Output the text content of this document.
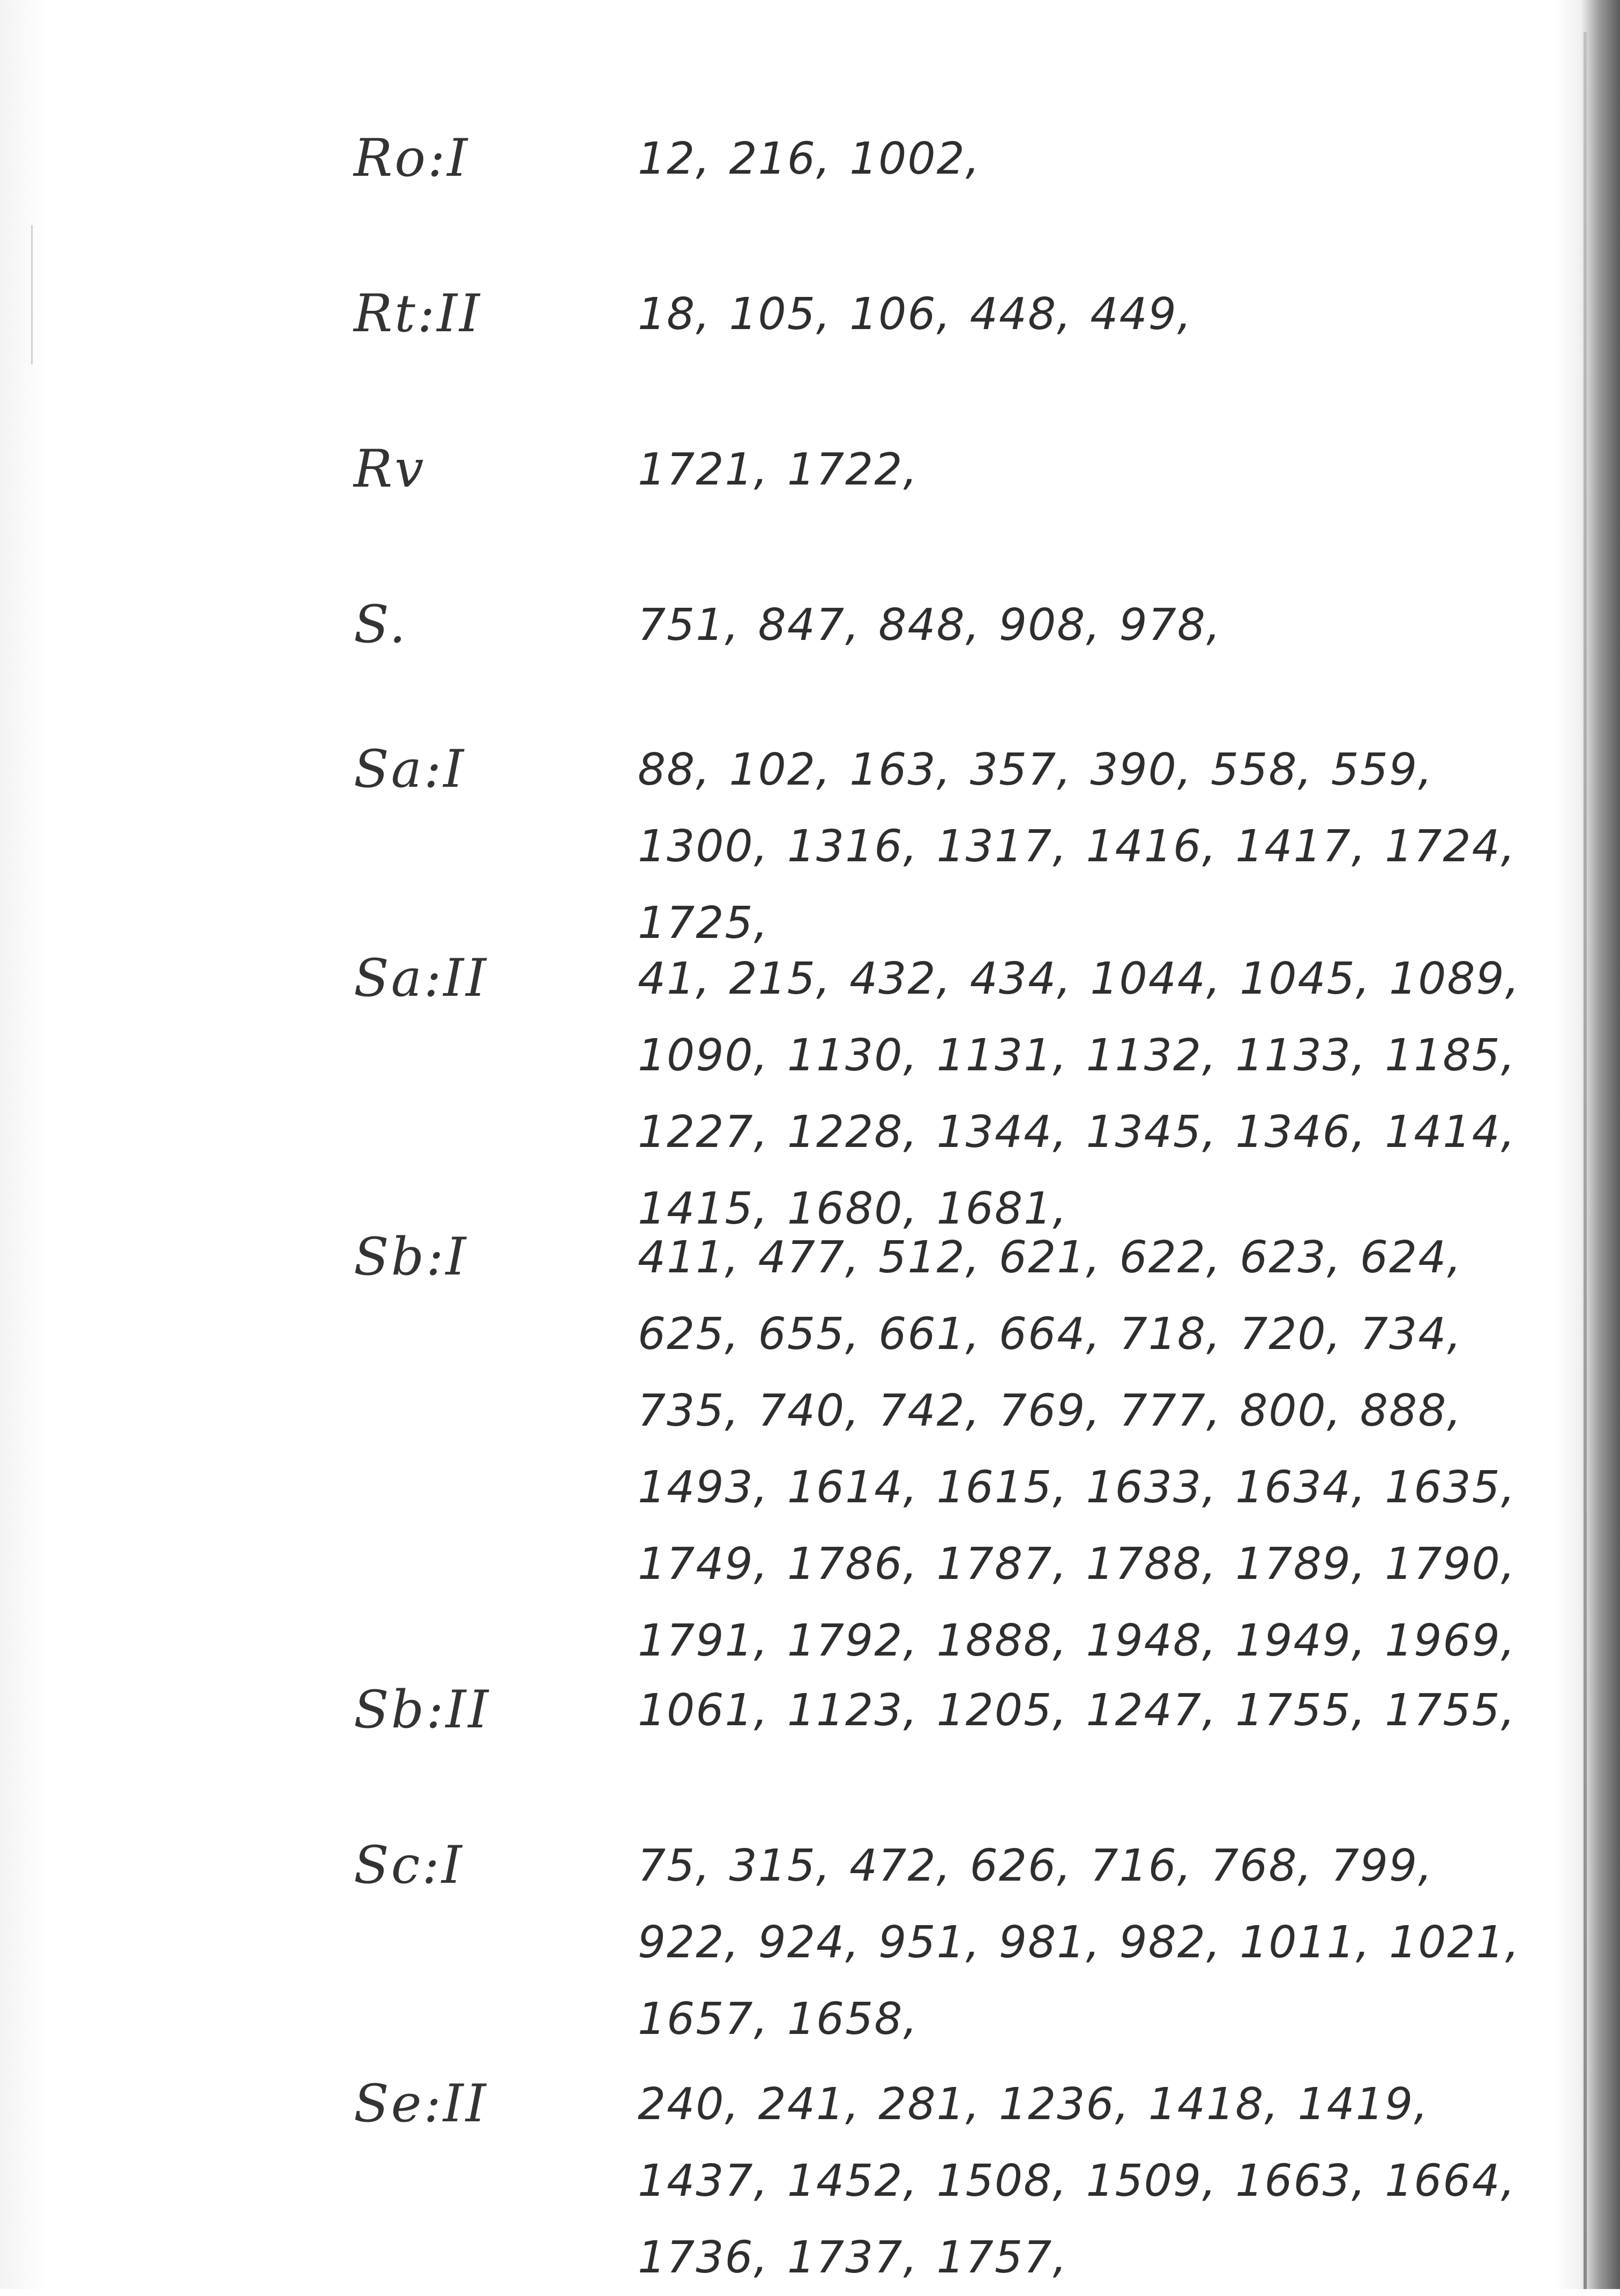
Ro:I	12, 216, 1002,
Rt:II	18, 105, 106, 448, 449,
Rv	1721, 1722,
S.	751, 847, 848, 908, 978,
Sa:I	88, 102, 163, 357, 390, 558, 559, 1300, 1316, 1317, 1416, 1417, 1724, 1725,
Sa:II	41, 215, 432, 434, 1044, 1045, 1089, 1090, 1130, 1131, 1132, 1133, 1185, 1227, 1228, 1344, 1345, 1346, 1414, 1415, 1680, 1681,
Sb:I	411, 477, 512, 621, 622, 623, 624, 625, 655, 661, 664, 718, 720, 734, 735, 740, 742, 769, 777, 800, 888, 1493, 1614, 1615, 1633, 1634, 1635, 1749, 1786, 1787, 1788, 1789, 1790, 1791, 1792, 1888, 1948, 1949, 1969,
Sb:II	1061, 1123, 1205, 1247, 1755, 1755,
Sc:I	75, 315, 472, 626, 716, 768, 799, 922, 924, 951, 981, 982, 1011, 1021, 1657, 1658,
Se:II	240, 241, 281, 1236, 1418, 1419, 1437, 1452, 1508, 1509, 1663, 1664, 1736, 1737, 1757,
